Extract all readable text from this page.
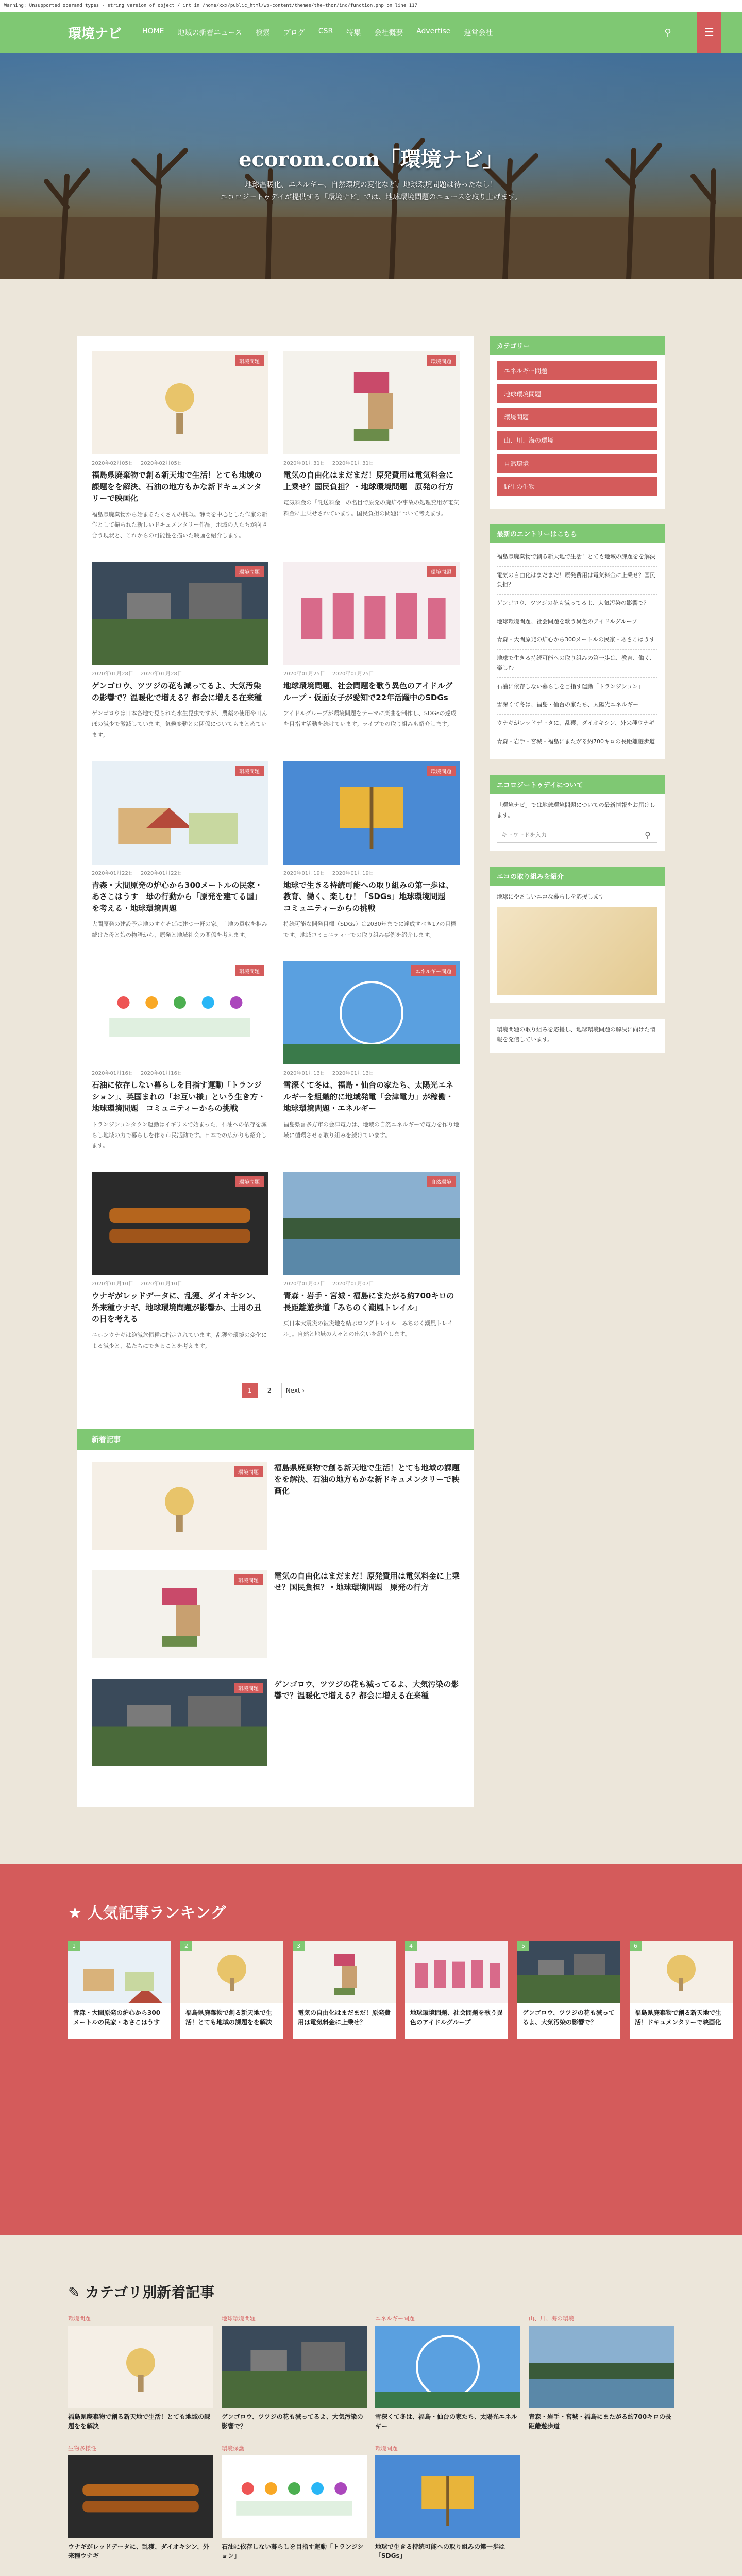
Warning: Unsupported operand types - string version of object / int in /home/xxx/public_html/wp-content/themes/the-thor/inc/function.php on line 117
環境ナビ	HOME 地域の新着ニュース 検索 ブログ CSR 特集 会社概要 Advertise 運営会社	⚲	☰
ecorom.com「環境ナビ」

地球温暖化、エネルギー、自然環境の変化など、地球環境問題は待ったなし！

エコロジートゥデイが提供する「環境ナビ」では、地球環境問題のニュースを取り上げます。

環境問題
2020年02月05日 2020年02月05日
福島県廃棄物で創る新天地で生活！とても地域の課題をを解決、石油の地方もかな新ドキュメンタリーで映画化
福島県廃棄物から始まるたくさんの挑戦。静岡を中心とした作家の新作として撮られた新しいドキュメンタリー作品。地域の人たちが向き合う現状と、これからの可能性を描いた映画を紹介します。
環境問題
2020年01月31日 2020年01月31日
電気の自由化はまだまだ！原発費用は電気料金に上乗せ？国民負担？・地球環境問題　原発の行方
電気料金の「託送料金」の名目で原発の廃炉や事故の処理費用が電気料金に上乗せされています。国民負担の問題について考えます。
環境問題
2020年01月28日 2020年01月28日
ゲンゴロウ、ツツジの花も減ってるよ、大気汚染の影響で？温暖化で増える？都会に増える在来種
ゲンゴロウは日本各地で見られた水生昆虫ですが、農薬の使用や田んぼの減少で激減しています。気候変動との関係についてもまとめています。
環境問題
2020年01月25日 2020年01月25日
地球環境問題、社会問題を歌う異色のアイドルグループ・仮面女子が愛知で22年活躍中のSDGs
アイドルグループが環境問題をテーマに楽曲を制作し、SDGsの達成を目指す活動を続けています。ライブでの取り組みも紹介します。
環境問題
2020年01月22日 2020年01月22日
青森・大間原発の炉心から300メートルの民家・あさこはうす　母の行動から「原発を建てる国」を考える・地球環境問題
大間原発の建設予定地のすぐそばに建つ一軒の家。土地の買収を拒み続けた母と娘の物語から、原発と地域社会の関係を考えます。
環境問題
2020年01月19日 2020年01月19日
地球で生きる持続可能への取り組みの第一歩は、教育、働く、楽しむ！「SDGs」地球環境問題　コミュニティーからの挑戦
持続可能な開発目標（SDGs）は2030年までに達成すべき17の目標です。地域コミュニティーでの取り組み事例を紹介します。
環境問題
2020年01月16日 2020年01月16日
石油に依存しない暮らしを目指す運動「トランジション」、英国まれの「お互い様」という生き方・地球環境問題　コミュニティーからの挑戦
トランジションタウン運動はイギリスで始まった、石油への依存を減らし地域の力で暮らしを作る市民活動です。日本での広がりも紹介します。
エネルギー問題
2020年01月13日 2020年01月13日
雪深くて冬は、福島・仙台の家たち、太陽光エネルギーを組織的に地域発電「会津電力」が稼働・地球環境問題・エネルギー
福島県喜多方市の会津電力は、地域の自然エネルギーで電力を作り地域に循環させる取り組みを続けています。
環境問題
2020年01月10日 2020年01月10日
ウナギがレッドデータに、乱獲、ダイオキシン、外来種ウナギ、地球環境問題が影響か、土用の丑の日を考える
ニホンウナギは絶滅危惧種に指定されています。乱獲や環境の変化による減少と、私たちにできることを考えます。
自然環境
2020年01月07日 2020年01月07日
青森・岩手・宮城・福島にまたがる約700キロの長距離遊歩道「みちのく潮風トレイル」
東日本大震災の被災地を結ぶロングトレイル「みちのく潮風トレイル」。自然と地域の人々との出会いを紹介します。
1	2	Next ›
新着記事
環境問題
福島県廃棄物で創る新天地で生活！とても地域の課題をを解決、石油の地方もかな新ドキュメンタリーで映画化
環境問題
電気の自由化はまだまだ！原発費用は電気料金に上乗せ？国民負担？・地球環境問題　原発の行方
環境問題
ゲンゴロウ、ツツジの花も減ってるよ、大気汚染の影響で？温暖化で増える？都会に増える在来種
カテゴリー
エネルギー問題
地球環境問題
環境問題
山、川、海の環境
自然環境
野生の生物
最新のエントリーはこちら
福島県廃棄物で創る新天地で生活！とても地域の課題をを解決
電気の自由化はまだまだ！原発費用は電気料金に上乗せ？国民負担？
ゲンゴロウ、ツツジの花も減ってるよ、大気汚染の影響で？
地球環境問題、社会問題を歌う異色のアイドルグループ
青森・大間原発の炉心から300メートルの民家・あさこはうす
地球で生きる持続可能への取り組みの第一歩は、教育、働く、楽しむ
石油に依存しない暮らしを目指す運動「トランジション」
雪深くて冬は、福島・仙台の家たち、太陽光エネルギー
ウナギがレッドデータに、乱獲、ダイオキシン、外来種ウナギ
青森・岩手・宮城・福島にまたがる約700キロの長距離遊歩道
エコロジートゥデイについて
「環境ナビ」では地球環境問題についての最新情報をお届けします。
キーワードを入力
⚲
エコの取り組みを紹介
地球にやさしいエコな暮らしを応援します
環境問題の取り組みを応援し、地球環境問題の解決に向けた情報を発信しています。
★ 人気記事ランキング
1
青森・大間原発の炉心から300メートルの民家・あさこはうす
2
福島県廃棄物で創る新天地で生活！とても地域の課題をを解決
3
電気の自由化はまだまだ！原発費用は電気料金に上乗せ？
4
地球環境問題、社会問題を歌う異色のアイドルグループ
5
ゲンゴロウ、ツツジの花も減ってるよ、大気汚染の影響で？
6
福島県廃棄物で創る新天地で生活！ドキュメンタリーで映画化
✎ カテゴリ別新着記事
環境問題
福島県廃棄物で創る新天地で生活！とても地域の課題をを解決
地球環境問題
ゲンゴロウ、ツツジの花も減ってるよ、大気汚染の影響で？
エネルギー問題
雪深くて冬は、福島・仙台の家たち、太陽光エネルギー
山、川、海の環境
青森・岩手・宮城・福島にまたがる約700キロの長距離遊歩道
生物多様性
ウナギがレッドデータに、乱獲、ダイオキシン、外来種ウナギ
環境保護
石油に依存しない暮らしを目指す運動「トランジション」
環境問題
地球で生きる持続可能への取り組みの第一歩は「SDGs」
